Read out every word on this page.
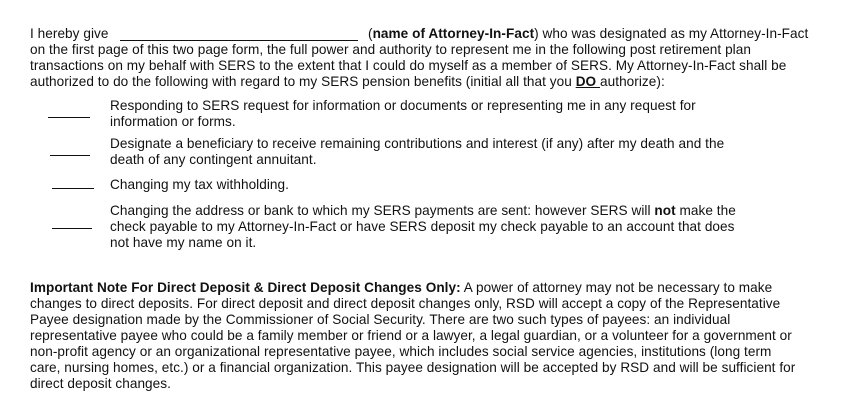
I hereby give	(name of Attorney-In-Fact) who was designated as my Attorney-In-Fact
on the first page of this two page form, the full power and authority to represent me in the following post retirement plan
transactions on my behalf with SERS to the extent that I could do myself as a member of SERS. My Attorney-In-Fact shall be
authorized to do the following with regard to my SERS pension benefits (initial all that you DO authorize):
Responding to SERS request for information or documents or representing me in any request for
information or forms.
Designate a beneficiary to receive remaining contributions and interest (if any) after my death and the
death of any contingent annuitant.
Changing my tax withholding.
Changing the address or bank to which my SERS payments are sent: however SERS will not make the
check payable to my Attorney-In-Fact or have SERS deposit my check payable to an account that does
not have my name on it.
Important Note For Direct Deposit & Direct Deposit Changes Only: A power of attorney may not be necessary to make
changes to direct deposits. For direct deposit and direct deposit changes only, RSD will accept a copy of the Representative
Payee designation made by the Commissioner of Social Security. There are two such types of payees: an individual
representative payee who could be a family member or friend or a lawyer, a legal guardian, or a volunteer for a government or
non-profit agency or an organizational representative payee, which includes social service agencies, institutions (long term
care, nursing homes, etc.) or a financial organization. This payee designation will be accepted by RSD and will be sufficient for
direct deposit changes.
